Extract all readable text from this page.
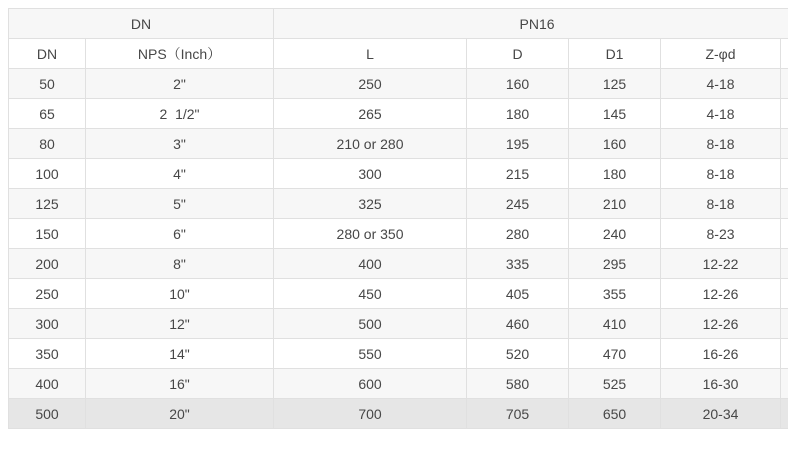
DN		PN16				
DN	NPS（Inch）	L	D	D1	Z-φd	
50	2"	250	160	125	4-18	
65	2  1/2"	265	180	145	4-18	
80	3"	210 or 280	195	160	8-18	
100	4"	300	215	180	8-18	
125	5"	325	245	210	8-18	
150	6"	280 or 350	280	240	8-23	
200	8"	400	335	295	12-22	
250	10"	450	405	355	12-26	
300	12"	500	460	410	12-26	
350	14"	550	520	470	16-26	
400	16"	600	580	525	16-30	
500	20"	700	705	650	20-34	
